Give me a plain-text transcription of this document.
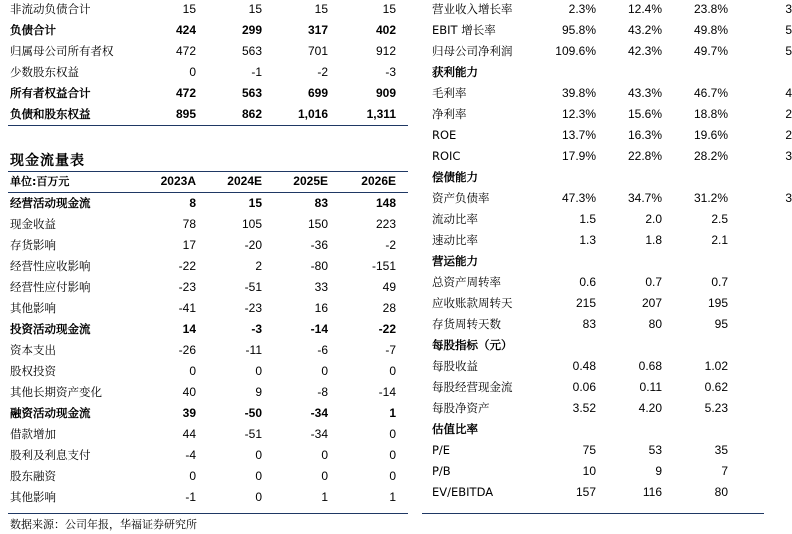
非流动负债合计	15	15	15	15
负债合计	424	299	317	402
归属母公司所有者权	472	563	701	912
少数股东权益	0	-1	-2	-3
所有者权益合计	472	563	699	909
负债和股东权益	895	862	1,016	1,311
单位:百万元	2023A	2024E	2025E	2026E
经营活动现金流	8	15	83	148
现金收益	78	105	150	223
存货影响	17	-20	-36	-2
经营性应收影响	-22	2	-80	-151
经营性应付影响	-23	-51	33	49
其他影响	-41	-23	16	28
投资活动现金流	14	-3	-14	-22
资本支出	-26	-11	-6	-7
股权投资	0	0	0	0
其他长期资产变化	40	9	-8	-14
融资活动现金流	39	-50	-34	1
借款增加	44	-51	-34	0
股利及利息支付	-4	0	0	0
股东融资	0	0	0	0
其他影响	-1	0	1	1
营业收入增长率	2.3%	12.4%	23.8%	3
EBIT 增长率	95.8%	43.2%	49.8%	5
归母公司净利润	109.6%	42.3%	49.7%	5
获利能力
毛利率	39.8%	43.3%	46.7%	4
净利率	12.3%	15.6%	18.8%	2
ROE	13.7%	16.3%	19.6%	2
ROIC	17.9%	22.8%	28.2%	3
偿债能力
资产负债率	47.3%	34.7%	31.2%	3
流动比率	1.5	2.0	2.5
速动比率	1.3	1.8	2.1
营运能力
总资产周转率	0.6	0.7	0.7
应收账款周转天	215	207	195
存货周转天数	83	80	95
每股指标（元）
每股收益	0.48	0.68	1.02
每股经营现金流	0.06	0.11	0.62
每股净资产	3.52	4.20	5.23
估值比率
P/E	75	53	35
P/B	10	9	7
EV/EBITDA	157	116	80
现金流量表
数据来源：公司年报，华福证券研究所
